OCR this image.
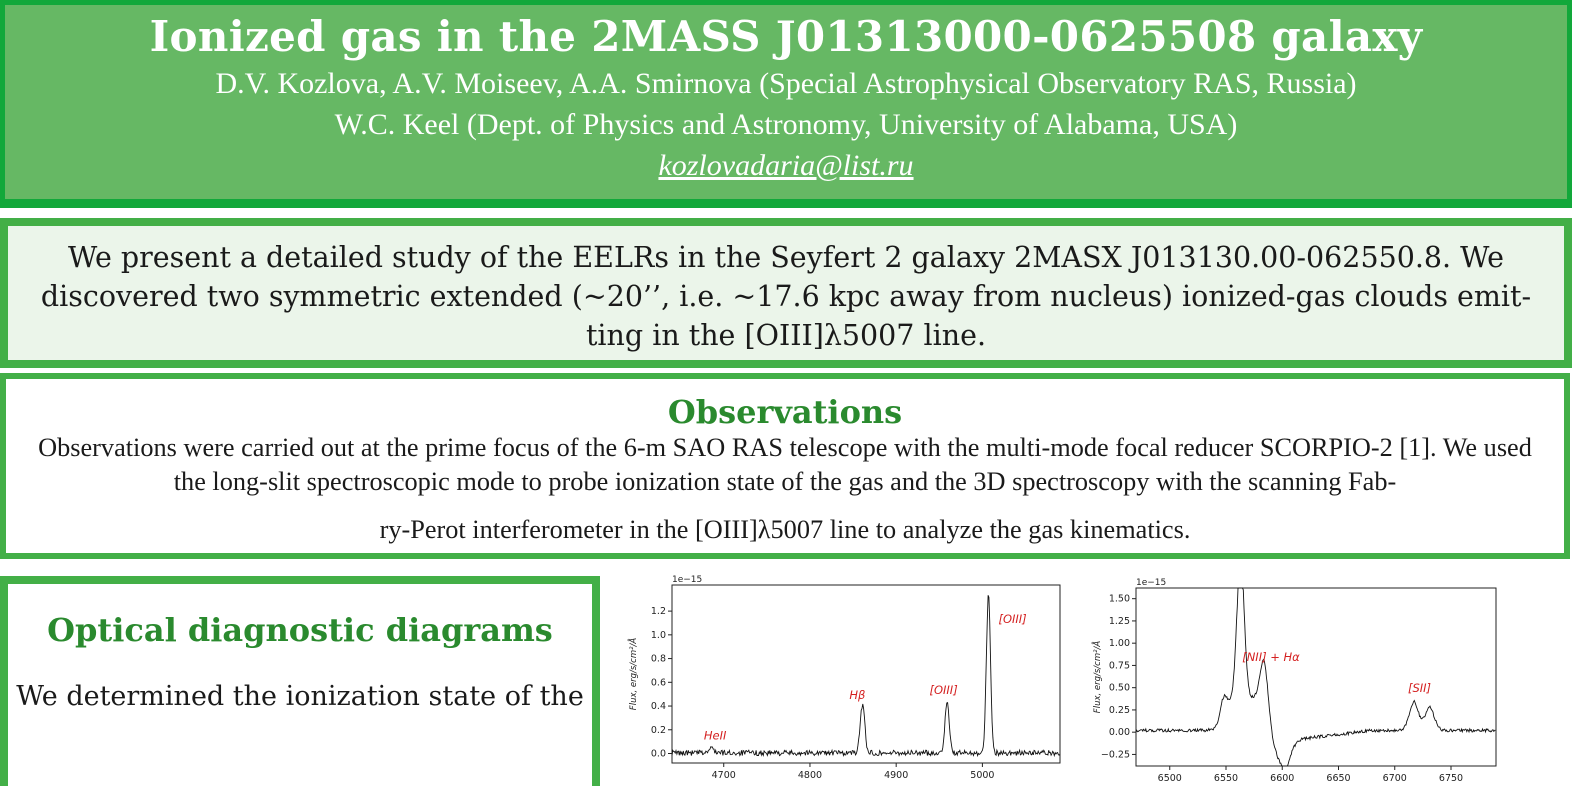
Ionized gas in the 2MASS J01313000-0625508 galaxy
D.V. Kozlova, A.V. Moiseev, A.A. Smirnova (Special Astrophysical Observatory RAS, Russia)
W.C. Keel (Dept. of Physics and Astronomy, University of Alabama, USA)
kozlovadaria@list.ru

We present a detailed study of the EELRs in the Seyfert 2 galaxy 2MASX J013130.00-062550.8. We discovered two symmetric extended (~20’’, i.e. ~17.6 kpc away from nucleus) ionized-gas clouds emit-ting in the [OIII]λ5007 line.

Observations

Observations were carried out at the prime focus of the 6-m SAO RAS telescope with the multi-mode focal reducer SCORPIO-2 [1]. We used the long-slit spectroscopic mode to probe ionization state of the gas and the 3D spectroscopy with the scanning Fab-
ry-Perot interferometer in the [OIII]λ5007 line to analyze the gas kinematics.

Optical diagnostic diagrams

We determined the ionization state of the

4700	4800	4900	5000
0.0
0.2
0.4
0.6
0.8
1.0
1.2
1e−15
Flux, erg/s/cm²/Å
HeII
Hβ	[OIII]
[OIII]
6500	6550	6600	6650	6700	6750
−0.25
0.00
0.25
0.50
0.75
1.00
1.25
1.50
1e−15
Flux, erg/s/cm²/Å	[NII] + Hα
[SII]
